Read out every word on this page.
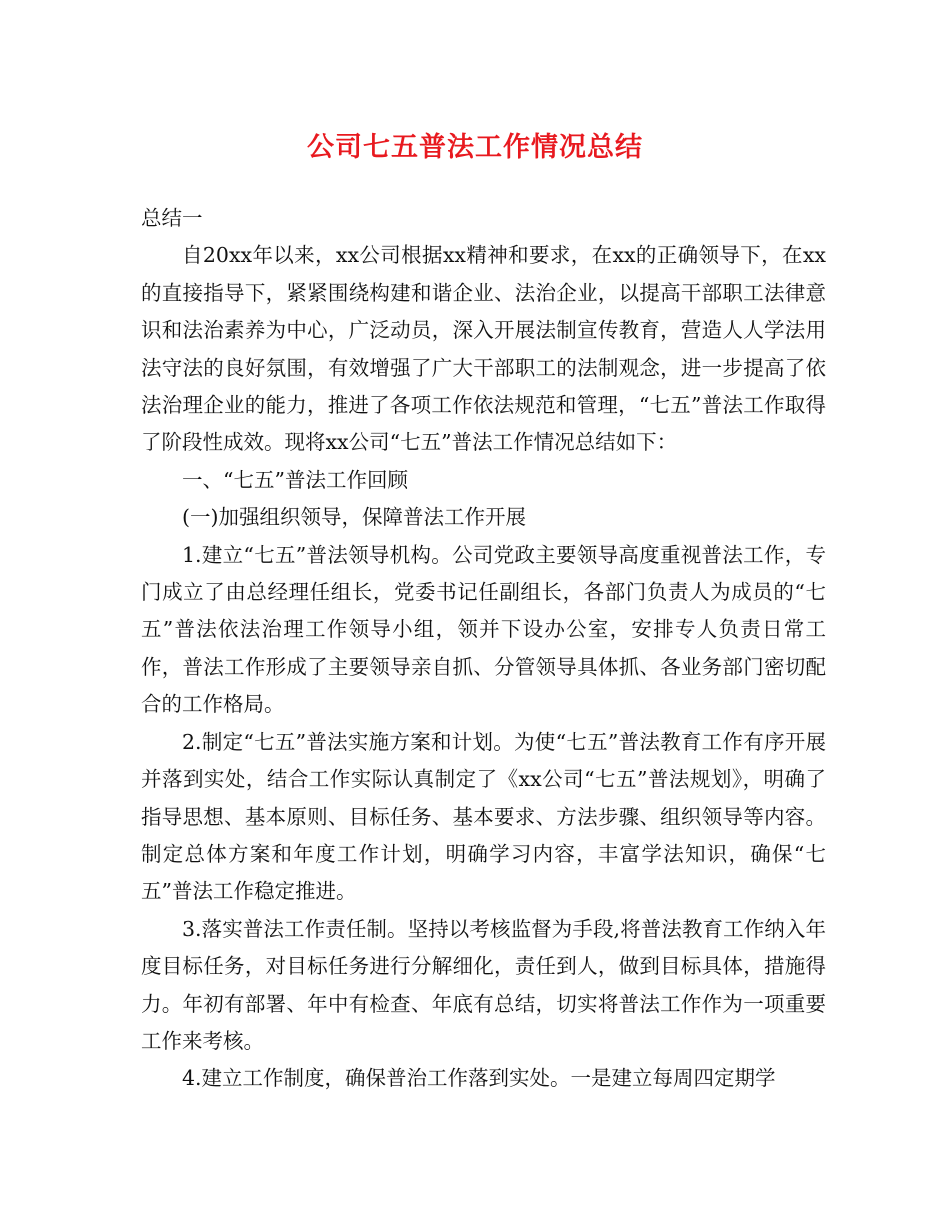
公司七五普法工作情况总结

总结一

自20xx年以来，xx公司根据xx精神和要求，在xx的正确领导下，在xx的直接指导下，紧紧围绕构建和谐企业、法治企业，以提高干部职工法律意识和法治素养为中心，广泛动员，深入开展法制宣传教育，营造人人学法用法守法的良好氛围，有效增强了广大干部职工的法制观念，进一步提高了依法治理企业的能力，推进了各项工作依法规范和管理，“七五”普法工作取得了阶段性成效。现将xx公司“七五”普法工作情况总结如下：

一、“七五”普法工作回顾

(一)加强组织领导，保障普法工作开展

1.建立“七五”普法领导机构。公司党政主要领导高度重视普法工作，专门成立了由总经理任组长，党委书记任副组长，各部门负责人为成员的“七五”普法依法治理工作领导小组，领并下设办公室，安排专人负责日常工作，普法工作形成了主要领导亲自抓、分管领导具体抓、各业务部门密切配合的工作格局。

2.制定“七五”普法实施方案和计划。为使“七五”普法教育工作有序开展并落到实处，结合工作实际认真制定了《xx公司“七五”普法规划》，明确了指导思想、基本原则、目标任务、基本要求、方法步骤、组织领导等内容。制定总体方案和年度工作计划，明确学习内容，丰富学法知识，确保“七五”普法工作稳定推进。

3.落实普法工作责任制。坚持以考核监督为手段,将普法教育工作纳入年度目标任务，对目标任务进行分解细化，责任到人，做到目标具体，措施得力。年初有部署、年中有检查、年底有总结，切实将普法工作作为一项重要工作来考核。

4.建立工作制度，确保普治工作落到实处。一是建立每周四定期学
